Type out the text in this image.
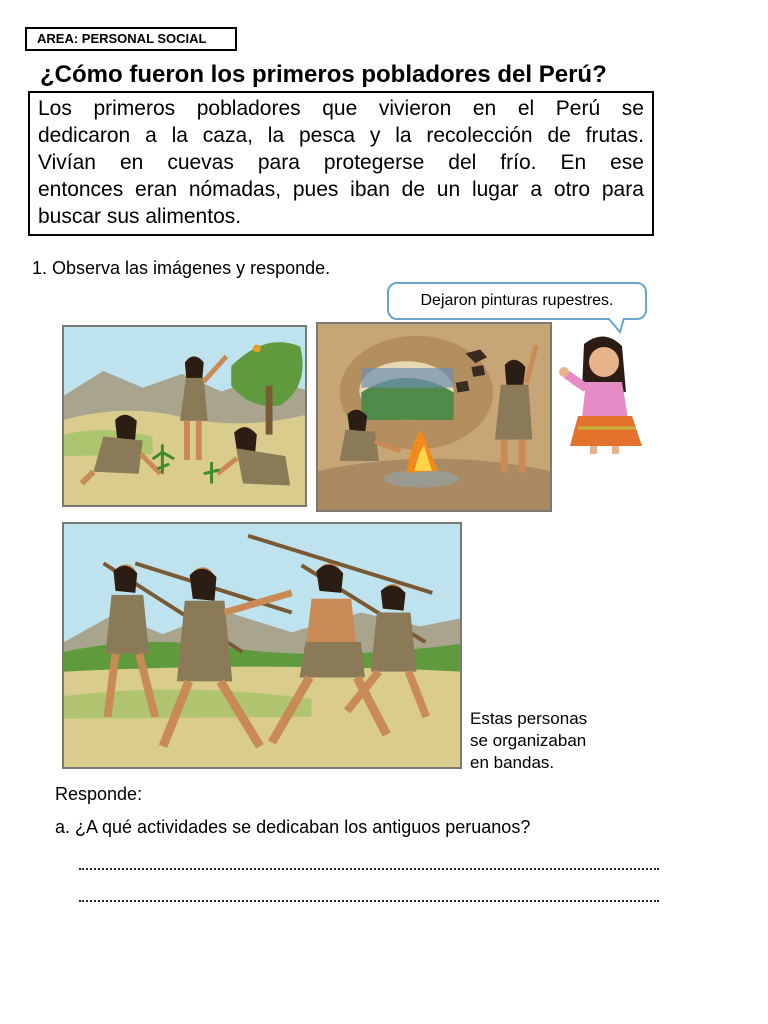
AREA: PERSONAL SOCIAL
¿Cómo fueron los primeros pobladores del Perú?
Los primeros pobladores que vivieron en el Perú se
dedicaron a la caza, la pesca y la recolección de frutas.
Vivían en cuevas para protegerse del frío. En ese
entonces eran nómadas, pues iban de un lugar a otro para
buscar sus alimentos.
1. Observa las imágenes y responde.
Dejaron pinturas rupestres.
Estas personas
se organizaban
en bandas.
Responde:
a. ¿A qué actividades se dedicaban los antiguos peruanos?
